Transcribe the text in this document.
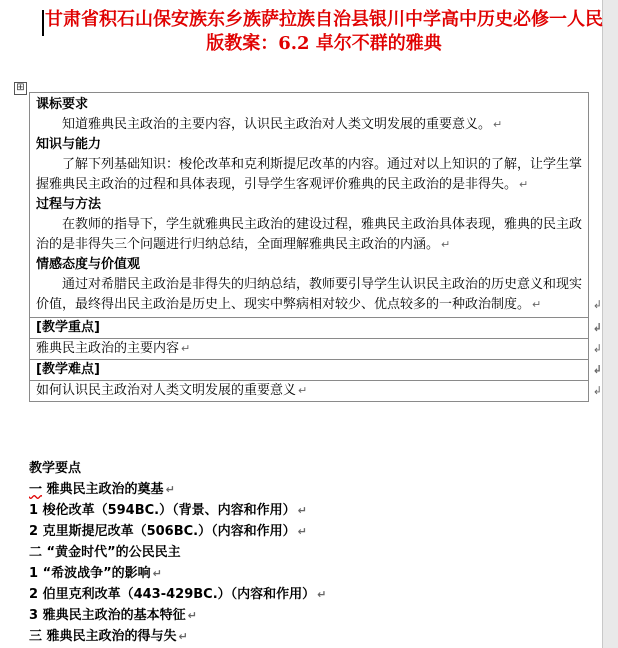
甘肃省积石山保安族东乡族萨拉族自治县银川中学高中历史必修一人民版教案：6.2 卓尔不群的雅典
⊞
课标要求
知道雅典民主政治的主要内容，认识民主政治对人类文明发展的重要意义。 ↵
知识与能力
了解下列基础知识：梭伦改革和克利斯提尼改革的内容。通过对以上知识的了解，让学生掌握雅典民主政治的过程和具体表现，引导学生客观评价雅典的民主政治的是非得失。 ↵
过程与方法
在教师的指导下，学生就雅典民主政治的建设过程，雅典民主政治具体表现，雅典的民主政治的是非得失三个问题进行归纳总结，全面理解雅典民主政治的内涵。 ↵
情感态度与价值观
通过对希腊民主政治是非得失的归纳总结，教师要引导学生认识民主政治的历史意义和现实价值，最终得出民主政治是历史上、现实中弊病相对较少、优点较多的一种政治制度。 ↵	↲
[教学重点]	↲
雅典民主政治的主要内容 ↵	↲
[教学难点]	↲
如何认识民主政治对人类文明发展的重要意义 ↵	↲
教学要点
一 雅典民主政治的奠基 ↵
1 梭伦改革（594BC.）（背景、内容和作用） ↵
2 克里斯提尼改革（506BC.）（内容和作用） ↵
二 “黄金时代”的公民民主
1 “希波战争”的影响 ↵
2 伯里克利改革（443-429BC.）（内容和作用） ↵
3 雅典民主政治的基本特征 ↵
三 雅典民主政治的得与失 ↵
